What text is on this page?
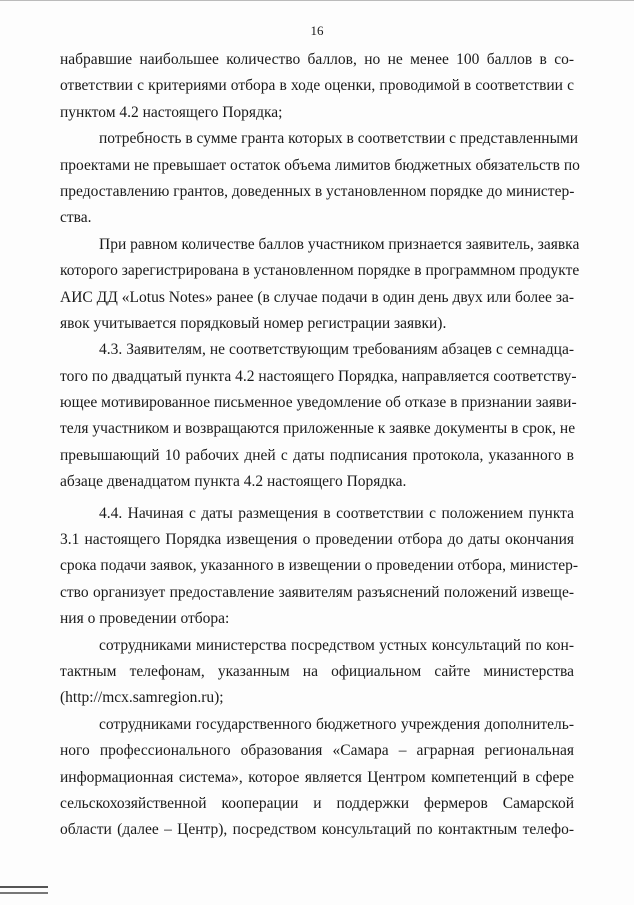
16
набравшие наибольшее количество баллов, но не менее 100 баллов в со-
ответствии с критериями отбора в ходе оценки, проводимой в соответствии с
пунктом 4.2 настоящего Порядка;
потребность в сумме гранта которых в соответствии с представленными
проектами не превышает остаток объема лимитов бюджетных обязательств по
предоставлению грантов, доведенных в установленном порядке до министер-
ства.
При равном количестве баллов участником признается заявитель, заявка
которого зарегистрирована в установленном порядке в программном продукте
АИС ДД «Lotus Notes» ранее (в случае подачи в один день двух или более за-
явок учитывается порядковый номер регистрации заявки).
4.3. Заявителям, не соответствующим требованиям абзацев с семнадца-
того по двадцатый пункта 4.2 настоящего Порядка, направляется соответству-
ющее мотивированное письменное уведомление об отказе в признании заяви-
теля участником и возвращаются приложенные к заявке документы в срок, не
превышающий 10 рабочих дней с даты подписания протокола, указанного в
абзаце двенадцатом пункта 4.2 настоящего Порядка.
4.4. Начиная с даты размещения в соответствии с положением пункта
3.1 настоящего Порядка извещения о проведении отбора до даты окончания
срока подачи заявок, указанного в извещении о проведении отбора, министер-
ство организует предоставление заявителям разъяснений положений извеще-
ния о проведении отбора:
сотрудниками министерства посредством устных консультаций по кон-
тактным телефонам, указанным на официальном сайте министерства
(http://mcx.samregion.ru);
сотрудниками государственного бюджетного учреждения дополнитель-
ного профессионального образования «Самара – аграрная региональная
информационная система», которое является Центром компетенций в сфере
сельскохозяйственной кооперации и поддержки фермеров Самарской
области (далее – Центр), посредством консультаций по контактным телефо-
